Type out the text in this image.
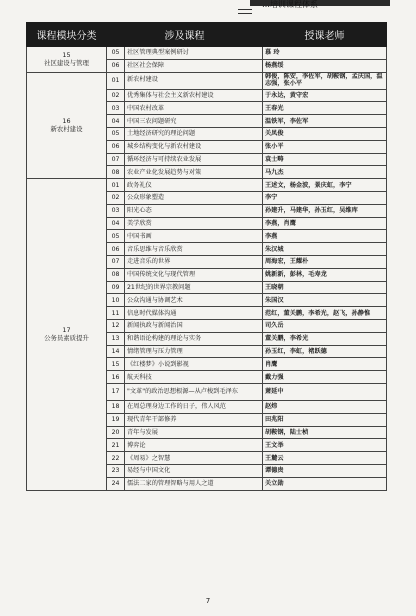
…培训课程体系
课程模块分类	涉及课程		授课老师
15
社区建设与管理	05	社区管理典型案例研讨	慕 玲
	06	社区社会保障	杨燕绥
16
新农村建设	01	新农村建设	韩俊，陈安，李佐军，胡鞍钢，孟庆国，温志强，张小平
	02	优秀集体与社会主义新农村建设	于永达，黄守宏
	03	中国农村改革	王春光
	04	中国三农问题研究	温铁军，李佐军
	05	土地经济研究的理论问题	关凤俊
	06	城乡结构变化与新农村建设	张小平
	07	循环经济与可持续农业发展	袁士畴
	08	农业产业化发展趋势与对策	马九杰
17
公务员素质提升	01	政务礼仪	王述文，杨金波，景庆虹，李宁
	02	公众形象塑造	李宁
	03	阳光心态	孙建升，马建华，孙玉红，吴维库
	04	美学欣赏	李燕，肖鹰
	05	中国书画	李燕
	06	音乐思维与音乐欣赏	朱汉城
	07	走进音乐的世界	周海宏，王耀朴
	08	中国传统文化与现代管理	姚新新，彭林，毛寿龙
	09	21世纪的世界宗教问题	王晓朝
	10	公众沟通与协调艺术	朱国汉
	11	信息时代媒体沟通	范红，董关鹏，李希光，赵飞，孙静惟
	12	新闻执政与新闻治国	司久岳
	13	和谐语论构建的理论与实务	董关鹏，李希光
	14	情绪管理与压力管理	孙玉红，李虹，褚跃德
	15	《红楼梦》小说到影视	肖鹰
	16	航天科技	戴力强
	17	"文革"的政治思想根源—从卢梭到毛泽东	萧延中
	18	在周总理身边工作的日子，伟人风范	赵炜
	19	现代青年干部修养	田兆阳
	20	青年与发展	胡鞍钢，陆士桢
	21	博弈论	王文举
	22	《周易》之智慧	王麓云
	23	易经与中国文化	谭德贵
	24	儒法二家的管理智略与用人之道	关立勋
7
